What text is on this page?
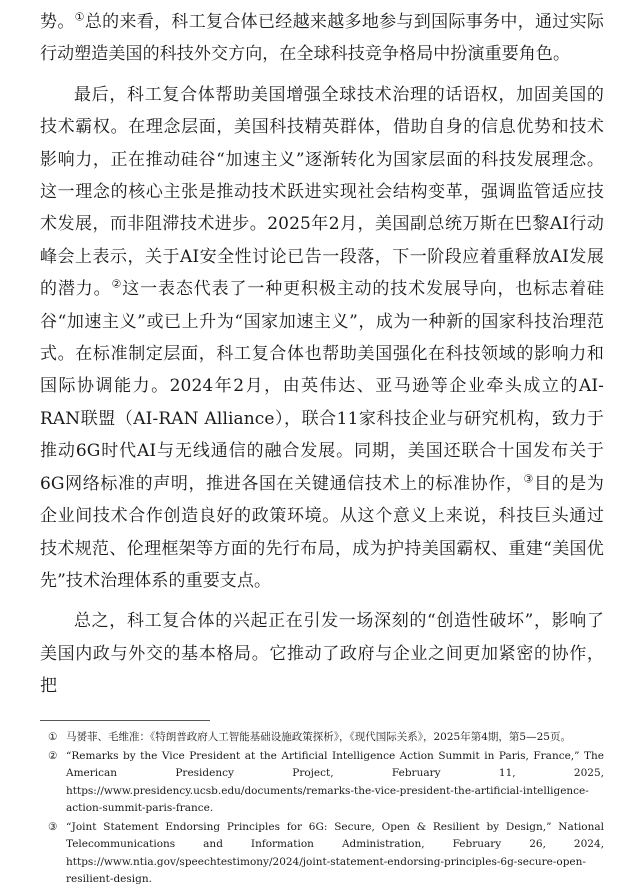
势。①总的来看，科工复合体已经越来越多地参与到国际事务中，通过实际行动塑造美国的科技外交方向，在全球科技竞争格局中扮演重要角色。

最后，科工复合体帮助美国增强全球技术治理的话语权，加固美国的技术霸权。在理念层面，美国科技精英群体，借助自身的信息优势和技术影响力，正在推动硅谷“加速主义”逐渐转化为国家层面的科技发展理念。这一理念的核心主张是推动技术跃进实现社会结构变革，强调监管适应技术发展，而非阻滞技术进步。2025年2月，美国副总统万斯在巴黎AI行动峰会上表示，关于AI安全性讨论已告一段落，下一阶段应着重释放AI发展的潜力。②这一表态代表了一种更积极主动的技术发展导向，也标志着硅谷“加速主义”或已上升为“国家加速主义”，成为一种新的国家科技治理范式。在标准制定层面，科工复合体也帮助美国强化在科技领域的影响力和国际协调能力。2024年2月，由英伟达、亚马逊等企业牵头成立的AI-RAN联盟（AI-RAN Alliance），联合11家科技企业与研究机构，致力于推动6G时代AI与无线通信的融合发展。同期，美国还联合十国发布关于6G网络标准的声明，推进各国在关键通信技术上的标准协作，③目的是为企业间技术合作创造良好的政策环境。从这个意义上来说，科技巨头通过技术规范、伦理框架等方面的先行布局，成为护持美国霸权、重建“美国优先”技术治理体系的重要支点。

总之，科工复合体的兴起正在引发一场深刻的“创造性破坏”，影响了美国内政与外交的基本格局。它推动了政府与企业之间更加紧密的协作，把

① 马赟菲、毛维准：《特朗普政府人工智能基础设施政策探析》，《现代国际关系》，2025年第4期，第5—25页。
② “Remarks by the Vice President at the Artificial Intelligence Action Summit in Paris, France,” The American Presidency Project, February 11, 2025, https://www.presidency.ucsb.edu/documents/remarks-the-vice-president-the-artificial-intelligence-action-summit-paris-france.
③ “Joint Statement Endorsing Principles for 6G: Secure, Open & Resilient by Design,” National Telecommunications and Information Administration, February 26, 2024, https://www.ntia.gov/speechtestimony/2024/joint-statement-endorsing-principles-6g-secure-open-resilient-design.
